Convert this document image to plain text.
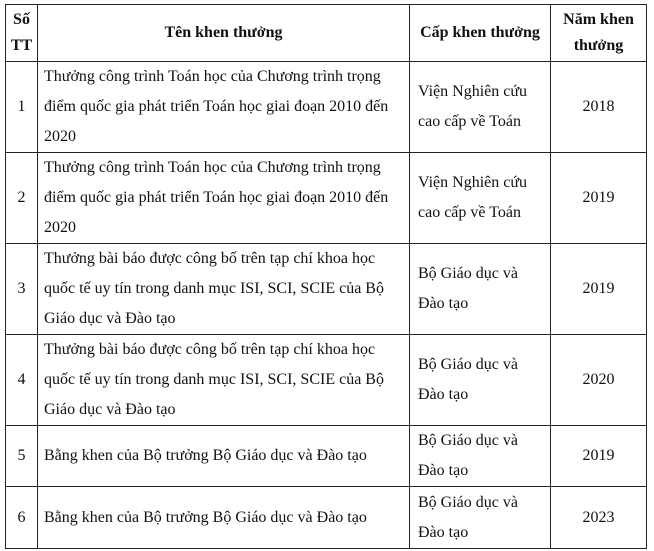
Số TT	Tên khen thưởng	Cấp khen thưởng	Năm khen thưởng
1	Thưởng công trình Toán học của Chương trình trọng điểm quốc gia phát triển Toán học giai đoạn 2010 đến 2020	Viện Nghiên cứu cao cấp về Toán	2018
2	Thưởng công trình Toán học của Chương trình trọng điểm quốc gia phát triển Toán học giai đoạn 2010 đến 2020	Viện Nghiên cứu cao cấp về Toán	2019
3	Thưởng bài báo được công bố trên tạp chí khoa học quốc tế uy tín trong danh mục ISI, SCI, SCIE của Bộ Giáo dục và Đào tạo	Bộ Giáo dục và Đào tạo	2019
4	Thưởng bài báo được công bố trên tạp chí khoa học quốc tế uy tín trong danh mục ISI, SCI, SCIE của Bộ Giáo dục và Đào tạo	Bộ Giáo dục và Đào tạo	2020
5	Bằng khen của Bộ trưởng Bộ Giáo dục và Đào tạo	Bộ Giáo dục và Đào tạo	2019
6	Bằng khen của Bộ trưởng Bộ Giáo dục và Đào tạo	Bộ Giáo dục và Đào tạo	2023
